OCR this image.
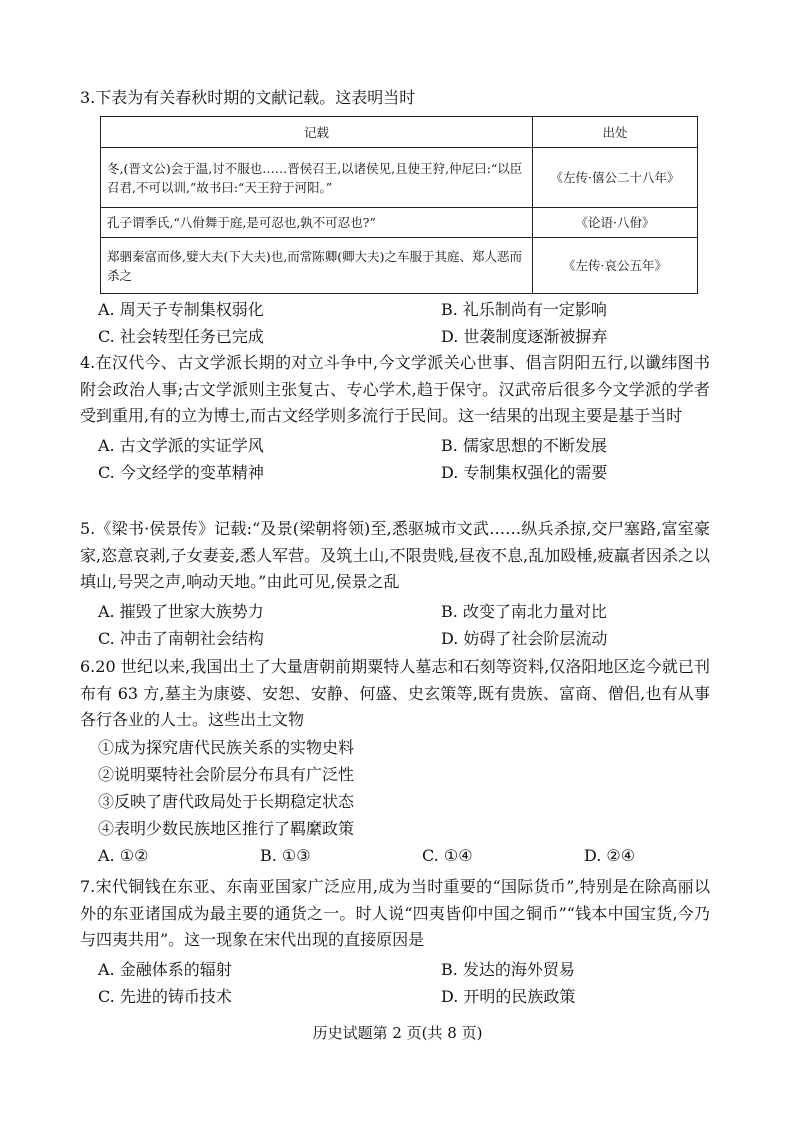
3.下表为有关春秋时期的文献记载。这表明当时

记载	出处
冬,(晋文公)会于温,讨不服也……晋侯召王,以诸侯见,且使王狩,仲尼曰:“以臣召君,不可以训,”故书曰:“天王狩于河阳。”	《左传·僖公二十八年》
孔子谓季氏,“八佾舞于庭,是可忍也,孰不可忍也?”	《论语·八佾》
郑驷秦富而侈,嬖大夫(下大夫)也,而常陈卿(卿大夫)之车服于其庭、郑人恶而杀之	《左传·哀公五年》
A. 周天子专制集权弱化	B. 礼乐制尚有一定影响
C. 社会转型任务已完成	D. 世袭制度逐渐被摒弃

4.在汉代今、古文学派长期的对立斗争中,今文学派关心世事、倡言阴阳五行,以谶纬图书附会政治人事;古文学派则主张复古、专心学术,趋于保守。汉武帝后很多今文学派的学者受到重用,有的立为博士,而古文经学则多流行于民间。这一结果的出现主要是基于当时

A. 古文学派的实证学风	B. 儒家思想的不断发展
C. 今文经学的变革精神	D. 专制集权强化的需要

5.《梁书·侯景传》记载:“及景(梁朝将领)至,悉驱城市文武……纵兵杀掠,交尸塞路,富室豪家,恣意哀剥,子女妻妾,悉人军营。及筑土山,不限贵贱,昼夜不息,乱加殴棰,疲羸者因杀之以填山,号哭之声,响动天地。”由此可见,侯景之乱

A. 摧毁了世家大族势力	B. 改变了南北力量对比
C. 冲击了南朝社会结构	D. 妨碍了社会阶层流动

6.20 世纪以来,我国出土了大量唐朝前期粟特人墓志和石刻等资料,仅洛阳地区迄今就已刊布有 63 方,墓主为康婆、安恕、安静、何盛、史玄策等,既有贵族、富商、僧侣,也有从事各行各业的人士。这些出土文物

①成为探究唐代民族关系的实物史料
②说明粟特社会阶层分布具有广泛性
③反映了唐代政局处于长期稳定状态
④表明少数民族地区推行了羁縻政策
A. ①②	B. ①③	C. ①④	D. ②④

7.宋代铜钱在东亚、东南亚国家广泛应用,成为当时重要的“国际货币”,特别是在除高丽以外的东亚诸国成为最主要的通货之一。时人说“四夷皆仰中国之铜币”“钱本中国宝货,今乃与四夷共用”。这一现象在宋代出现的直接原因是

A. 金融体系的辐射	B. 发达的海外贸易
C. 先进的铸币技术	D. 开明的民族政策
历史试题第 2 页(共 8 页)
